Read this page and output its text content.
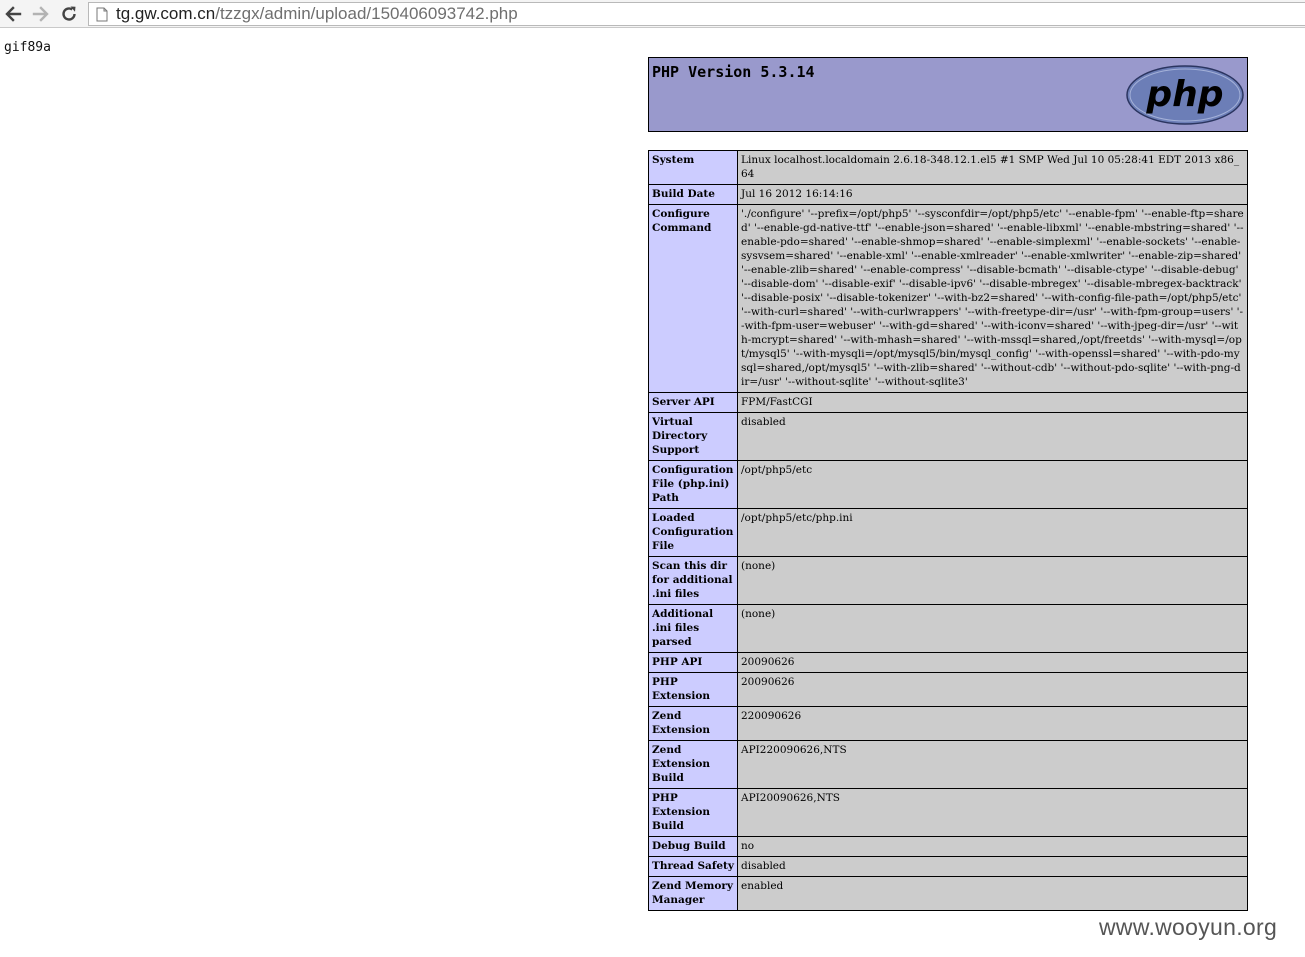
tg.gw.com.cn/tzzgx/admin/upload/150406093742.php
gif89a
PHP Version 5.3.14
php
System	Linux localhost.localdomain 2.6.18-348.12.1.el5 #1 SMP Wed Jul 10 05:28:41 EDT 2013 x86_64
Build Date	Jul 16 2012 16:14:16
Configure Command	'./configure' '--prefix=/opt/php5' '--sysconfdir=/opt/php5/etc' '--enable-fpm' '--enable-ftp=shared' '--enable-gd-native-ttf' '--enable-json=shared' '--enable-libxml' '--enable-mbstring=shared' '--enable-pdo=shared' '--enable-shmop=shared' '--enable-simplexml' '--enable-sockets' '--enable-sysvsem=shared' '--enable-xml' '--enable-xmlreader' '--enable-xmlwriter' '--enable-zip=shared' '--enable-zlib=shared' '--enable-compress' '--disable-bcmath' '--disable-ctype' '--disable-debug' '--disable-dom' '--disable-exif' '--disable-ipv6' '--disable-mbregex' '--disable-mbregex-backtrack' '--disable-posix' '--disable-tokenizer' '--with-bz2=shared' '--with-config-file-path=/opt/php5/etc' '--with-curl=shared' '--with-curlwrappers' '--with-freetype-dir=/usr' '--with-fpm-group=users' '--with-fpm-user=webuser' '--with-gd=shared' '--with-iconv=shared' '--with-jpeg-dir=/usr' '--with-mcrypt=shared' '--with-mhash=shared' '--with-mssql=shared,/opt/freetds' '--with-mysql=/opt/mysql5' '--with-mysqli=/opt/mysql5/bin/mysql_config' '--with-openssl=shared' '--with-pdo-mysql=shared,/opt/mysql5' '--with-zlib=shared' '--without-cdb' '--without-pdo-sqlite' '--with-png-dir=/usr' '--without-sqlite' '--without-sqlite3'
Server API	FPM/FastCGI
Virtual Directory Support	disabled
Configuration File (php.ini) Path	/opt/php5/etc
Loaded Configuration File	/opt/php5/etc/php.ini
Scan this dir for additional .ini files	(none)
Additional .ini files parsed	(none)
PHP API	20090626
PHP Extension	20090626
Zend Extension	220090626
Zend Extension Build	API220090626,NTS
PHP Extension Build	API20090626,NTS
Debug Build	no
Thread Safety	disabled
Zend Memory Manager	enabled
www.wooyun.org
